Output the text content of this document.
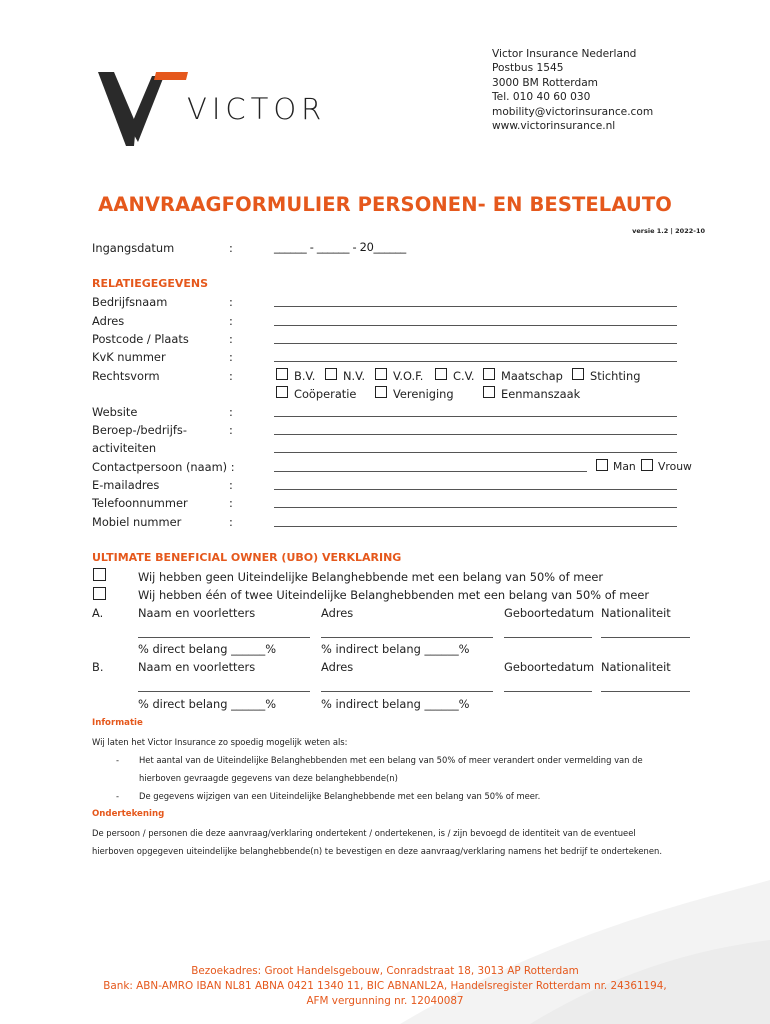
VICTOR
Victor Insurance Nederland
Postbus 1545
3000 BM Rotterdam
Tel. 010 40 60 030
mobility@victorinsurance.com
www.victorinsurance.nl
AANVRAAGFORMULIER PERSONEN- EN BESTELAUTO
versie 1.2 | 2022-10
Ingangsdatum	:	______ - ______ - 20______
RELATIEGEGEVENS
Bedrijfsnaam	:
Adres	:
Postcode / Plaats	:
KvK nummer	:
Rechtsvorm	:	B.V. N.V. V.O.F.	C.V. Maatschap Stichting
Coöperatie	Vereniging	Eenmanszaak
Website	:
Beroep-/bedrijfs-	:
activiteiten
Contactpersoon (naam) :	Man Vrouw
E-mailadres	:
Telefoonnummer	:
Mobiel nummer	:
ULTIMATE BENEFICIAL OWNER (UBO) VERKLARING
Wij hebben geen Uiteindelijke Belanghebbende met een belang van 50% of meer
Wij hebben één of twee Uiteindelijke Belanghebbenden met een belang van 50% of meer
A.	Naam en voorletters	Adres	Geboortedatum Nationaliteit
% direct belang ______%	% indirect belang ______%
B.	Naam en voorletters	Adres	Geboortedatum Nationaliteit
% direct belang ______%	% indirect belang ______%
Informatie
Wij laten het Victor Insurance zo spoedig mogelijk weten als:
- Het aantal van de Uiteindelijke Belanghebbenden met een belang van 50% of meer verandert onder vermelding van de
hierboven gevraagde gegevens van deze belanghebbende(n)
- De gegevens wijzigen van een Uiteindelijke Belanghebbende met een belang van 50% of meer.
Ondertekening
De persoon / personen die deze aanvraag/verklaring ondertekent / ondertekenen, is / zijn bevoegd de identiteit van de eventueel
hierboven opgegeven uiteindelijke belanghebbende(n) te bevestigen en deze aanvraag/verklaring namens het bedrijf te ondertekenen.
Bezoekadres: Groot Handelsgebouw, Conradstraat 18, 3013 AP Rotterdam
Bank: ABN-AMRO IBAN NL81 ABNA 0421 1340 11, BIC ABNANL2A, Handelsregister Rotterdam nr. 24361194,
AFM vergunning nr. 12040087
